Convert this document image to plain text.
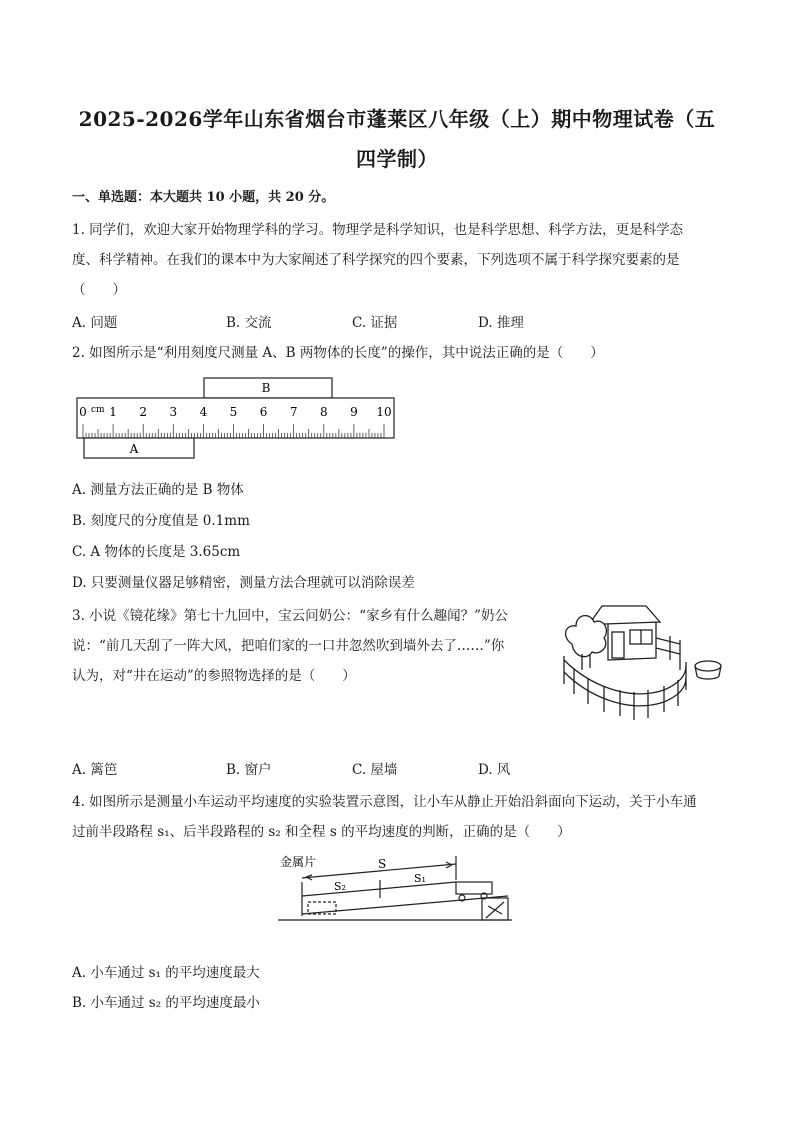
2025-2026学年山东省烟台市蓬莱区八年级（上）期中物理试卷（五
四学制）
一、单选题：本大题共 10 小题，共 20 分。
1. 同学们，欢迎大家开始物理学科的学习。物理学是科学知识，也是科学思想、科学方法，更是科学态
度、科学精神。在我们的课本中为大家阐述了科学探究的四个要素，下列选项不属于科学探究要素的是
（　　）
A. 问题	B. 交流	C. 证据	D. 推理
2. 如图所示是“利用刻度尺测量 A、B 两物体的长度”的操作，其中说法正确的是（　　）
B
0 1 2 3 4 5 6 7 8 9 10
cm
A
A. 测量方法正确的是 B 物体
B. 刻度尺的分度值是 0.1mm
C. A 物体的长度是 3.65cm
D. 只要测量仪器足够精密，测量方法合理就可以消除误差
3. 小说《镜花缘》第七十九回中，宝云问奶公：“家乡有什么趣闻？”奶公
说：“前几天刮了一阵大风，把咱们家的一口井忽然吹到墙外去了……”你
认为，对“井在运动”的参照物选择的是（　　）
A. 篱笆	B. 窗户	C. 屋墙	D. 风
4. 如图所示是测量小车运动平均速度的实验装置示意图，让小车从静止开始沿斜面向下运动，关于小车通
过前半段路程 s₁、后半段路程的 s₂ 和全程 s 的平均速度的判断，正确的是（　　）
金属片	S
S₂
S₁
A. 小车通过 s₁ 的平均速度最大
B. 小车通过 s₂ 的平均速度最小
